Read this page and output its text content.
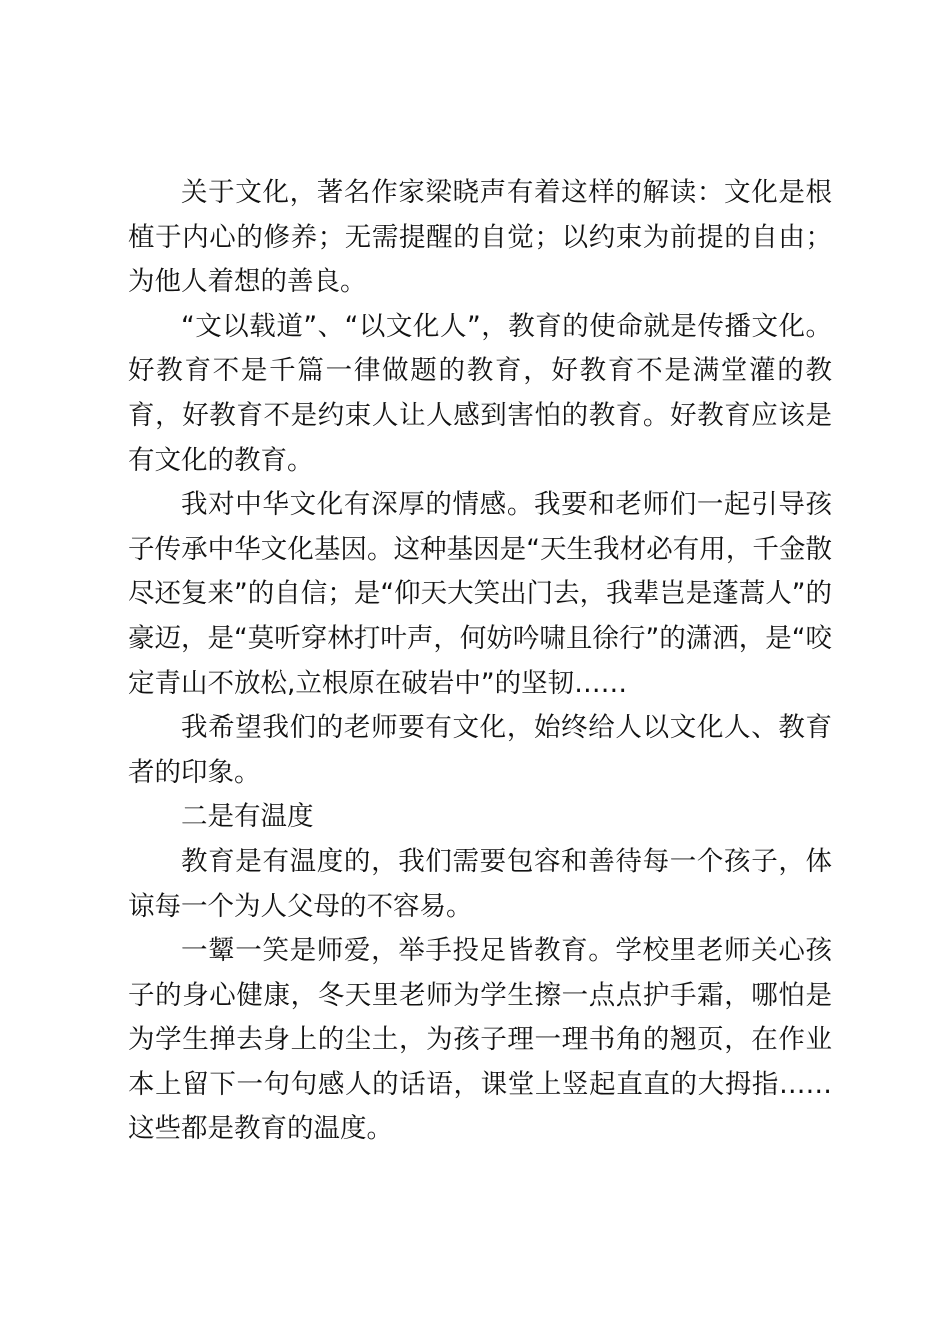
关于文化，著名作家梁晓声有着这样的解读：文化是根植于内心的修养；无需提醒的自觉；以约束为前提的自由；为他人着想的善良。

“文以载道”、“以文化人”，教育的使命就是传播文化。好教育不是千篇一律做题的教育，好教育不是满堂灌的教育，好教育不是约束人让人感到害怕的教育。好教育应该是有文化的教育。

我对中华文化有深厚的情感。我要和老师们一起引导孩子传承中华文化基因。这种基因是“天生我材必有用，千金散尽还复来”的自信；是“仰天大笑出门去，我辈岂是蓬蒿人”的豪迈，是“莫听穿林打叶声，何妨吟啸且徐行”的潇洒，是“咬定青山不放松,立根原在破岩中”的坚韧……

我希望我们的老师要有文化，始终给人以文化人、教育者的印象。

二是有温度

教育是有温度的，我们需要包容和善待每一个孩子，体谅每一个为人父母的不容易。

一颦一笑是师爱，举手投足皆教育。学校里老师关心孩子的身心健康，冬天里老师为学生擦一点点护手霜，哪怕是为学生掸去身上的尘土，为孩子理一理书角的翘页，在作业本上留下一句句感人的话语，课堂上竖起直直的大拇指……这些都是教育的温度。
